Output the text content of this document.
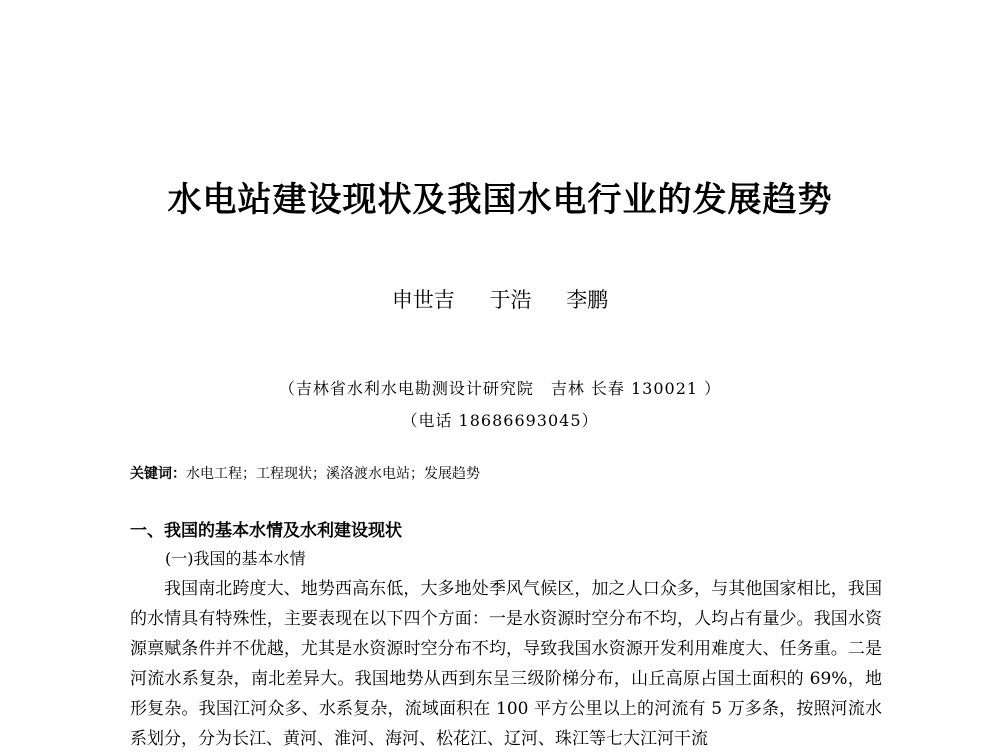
水电站建设现状及我国水电行业的发展趋势
申世吉 于浩 李鹏
（吉林省水利水电勘测设计研究院　吉林 长春 130021 ）
（电话 18686693045）
关键词：水电工程；工程现状；溪洛渡水电站；发展趋势
一、我国的基本水情及水利建设现状
(一)我国的基本水情
我国南北跨度大、地势西高东低，大多地处季风气候区，加之人口众多，与其他国家相比，我国的水情具有特殊性，主要表现在以下四个方面：一是水资源时空分布不均，人均占有量少。我国水资源禀赋条件并不优越，尤其是水资源时空分布不均，导致我国水资源开发利用难度大、任务重。二是河流水系复杂，南北差异大。我国地势从西到东呈三级阶梯分布，山丘高原占国土面积的 69%，地形复杂。我国江河众多、水系复杂，流域面积在 100 平方公里以上的河流有 5 万多条，按照河流水系划分，分为长江、黄河、淮河、海河、松花江、辽河、珠江等七大江河干流
